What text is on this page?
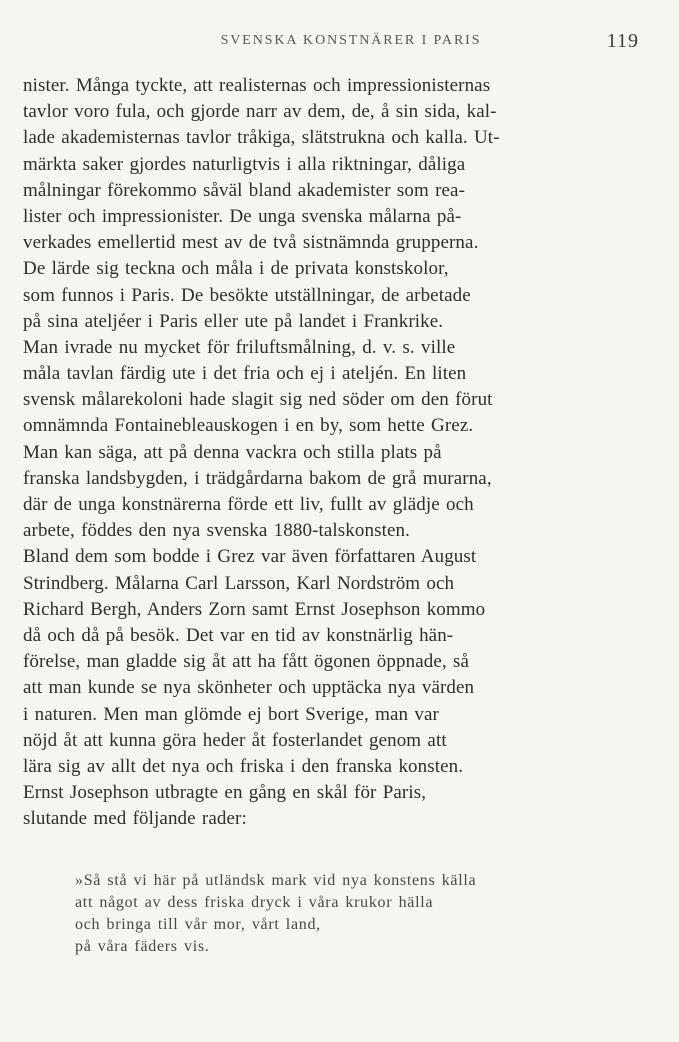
SVENSKA KONSTNÄRER I PARIS	119
nister. Många tyckte, att realisternas och impressionisternas
tavlor voro fula, och gjorde narr av dem, de, å sin sida, kal-
lade akademisternas tavlor tråkiga, slätstrukna och kalla. Ut-
märkta saker gjordes naturligtvis i alla riktningar, dåliga
målningar förekommo såväl bland akademister som rea-
lister och impressionister. De unga svenska målarna på-
verkades emellertid mest av de två sistnämnda grupperna.
De lärde sig teckna och måla i de privata konstskolor,
som funnos i Paris. De besökte utställningar, de arbetade
på sina ateljéer i Paris eller ute på landet i Frankrike.
Man ivrade nu mycket för friluftsmålning, d. v. s. ville
måla tavlan färdig ute i det fria och ej i ateljén. En liten
svensk målarekoloni hade slagit sig ned söder om den förut
omnämnda Fontainebleauskogen i en by, som hette Grez.
Man kan säga, att på denna vackra och stilla plats på
franska landsbygden, i trädgårdarna bakom de grå murarna,
där de unga konstnärerna förde ett liv, fullt av glädje och
arbete, föddes den nya svenska 1880-talskonsten.
Bland dem som bodde i Grez var även författaren August
Strindberg. Målarna Carl Larsson, Karl Nordström och
Richard Bergh, Anders Zorn samt Ernst Josephson kommo
då och då på besök. Det var en tid av konstnärlig hän-
förelse, man gladde sig åt att ha fått ögonen öppnade, så
att man kunde se nya skönheter och upptäcka nya värden
i naturen. Men man glömde ej bort Sverige, man var
nöjd åt att kunna göra heder åt fosterlandet genom att
lära sig av allt det nya och friska i den franska konsten.
Ernst Josephson utbragte en gång en skål för Paris,
slutande med följande rader:
»Så stå vi här på utländsk mark vid nya konstens källa
att något av dess friska dryck i våra krukor hälla
och bringa till vår mor, vårt land,
på våra fäders vis.
